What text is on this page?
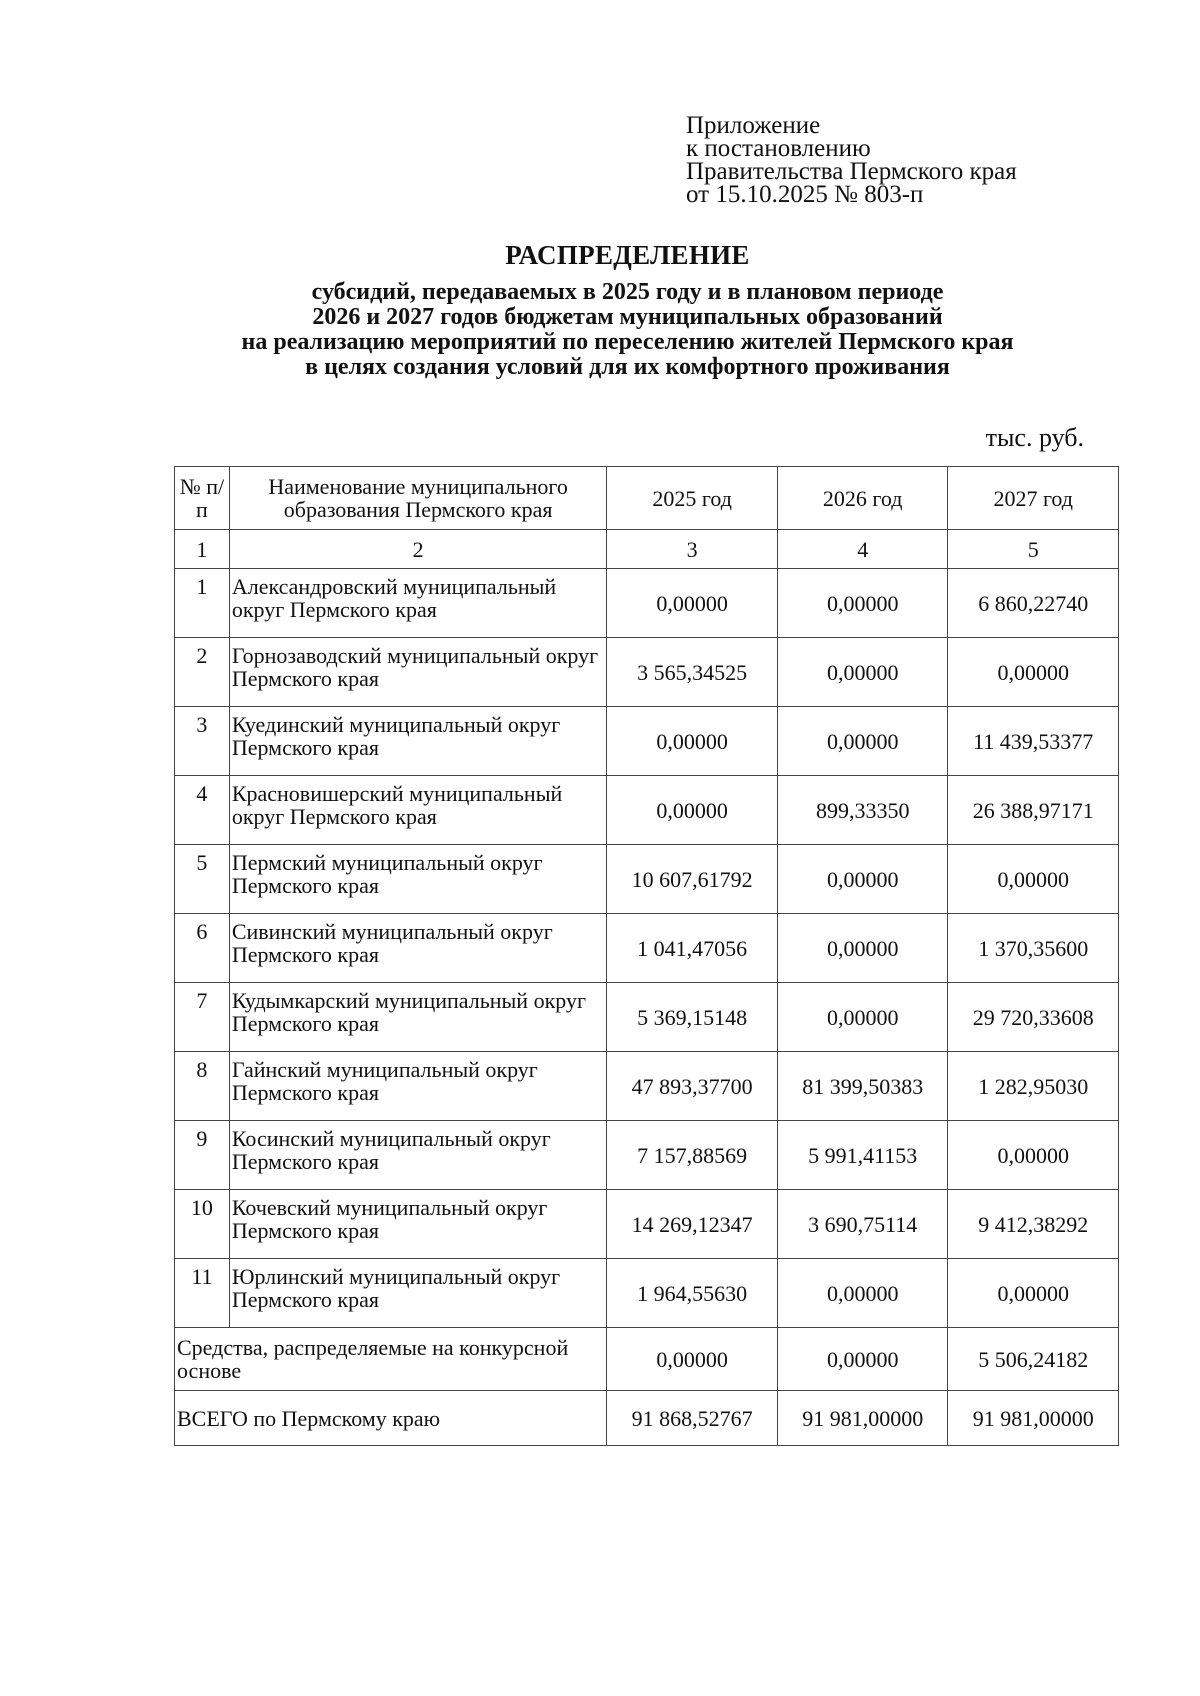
Приложение
к постановлению
Правительства Пермского края
от 15.10.2025 № 803-п
РАСПРЕДЕЛЕНИЕ
субсидий, передаваемых в 2025 году и в плановом периоде
2026 и 2027 годов бюджетам муниципальных образований
на реализацию мероприятий по переселению жителей Пермского края
в целях создания условий для их комфортного проживания
тыс. руб.
№ п/п	Наименование муниципального образования Пермского края	2025 год	2026 год	2027 год
1	2	3	4	5
1	Александровский муниципальный округ Пермского края	0,00000	0,00000	6 860,22740
2	Горнозаводский муниципальный округ Пермского края	3 565,34525	0,00000	0,00000
3	Куединский муниципальный округ Пермского края	0,00000	0,00000	11 439,53377
4	Красновишерский муниципальный округ Пермского края	0,00000	899,33350	26 388,97171
5	Пермский муниципальный округ Пермского края	10 607,61792	0,00000	0,00000
6	Сивинский муниципальный округ Пермского края	1 041,47056	0,00000	1 370,35600
7	Кудымкарский муниципальный округ Пермского края	5 369,15148	0,00000	29 720,33608
8	Гайнский муниципальный округ Пермского края	47 893,37700	81 399,50383	1 282,95030
9	Косинский муниципальный округ Пермского края	7 157,88569	5 991,41153	0,00000
10	Кочевский муниципальный округ Пермского края	14 269,12347	3 690,75114	9 412,38292
11	Юрлинский муниципальный округ Пермского края	1 964,55630	0,00000	0,00000
Средства, распределяемые на конкурсной основе		0,00000	0,00000	5 506,24182
ВСЕГО по Пермскому краю		91 868,52767	91 981,00000	91 981,00000
